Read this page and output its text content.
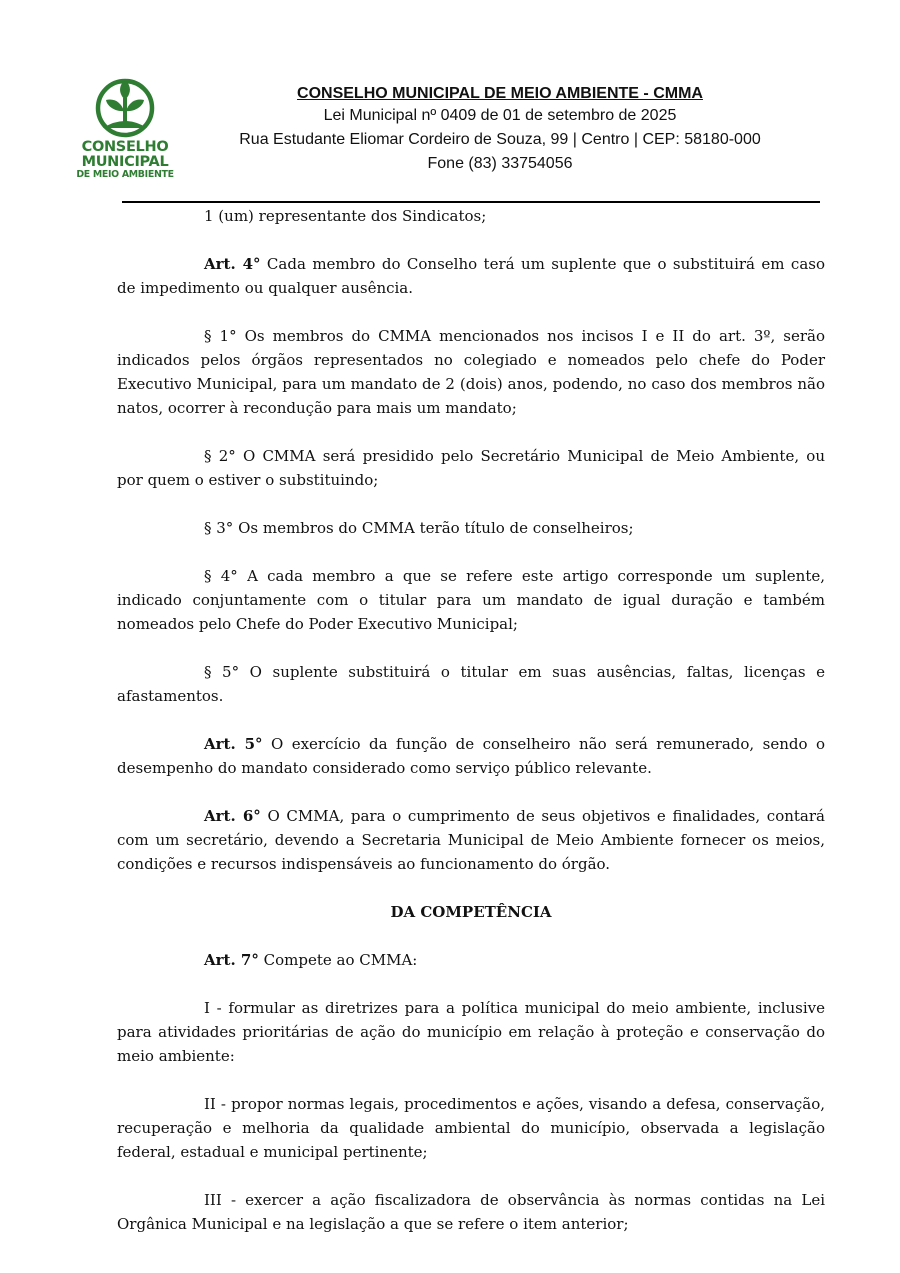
CONSELHO
MUNICIPAL
DE MEIO AMBIENTE
CONSELHO MUNICIPAL DE MEIO AMBIENTE - CMMA
Lei Municipal nº 0409 de 01 de setembro de 2025
Rua Estudante Eliomar Cordeiro de Souza, 99 | Centro | CEP: 58180-000
Fone (83) 33754056

1 (um) representante dos Sindicatos;

Art. 4° Cada membro do Conselho terá um suplente que o substituirá em caso de impedimento ou qualquer ausência.

§ 1° Os membros do CMMA mencionados nos incisos I e II do art. 3º, serão indicados pelos órgãos representados no colegiado e nomeados pelo chefe do Poder Executivo Municipal, para um mandato de 2 (dois) anos, podendo, no caso dos membros não natos, ocorrer à recondução para mais um mandato;

§ 2° O CMMA será presidido pelo Secretário Municipal de Meio Ambiente, ou por quem o estiver o substituindo;

§ 3° Os membros do CMMA terão título de conselheiros;

§ 4° A cada membro a que se refere este artigo corresponde um suplente, indicado conjuntamente com o titular para um mandato de igual duração e também nomeados pelo Chefe do Poder Executivo Municipal;

§ 5° O suplente substituirá o titular em suas ausências, faltas, licenças e afastamentos.

Art. 5° O exercício da função de conselheiro não será remunerado, sendo o desempenho do mandato considerado como serviço público relevante.

Art. 6° O CMMA, para o cumprimento de seus objetivos e finalidades, contará com um secretário, devendo a Secretaria Municipal de Meio Ambiente fornecer os meios, condições e recursos indispensáveis ao funcionamento do órgão.

DA COMPETÊNCIA

Art. 7° Compete ao CMMA:

I - formular as diretrizes para a política municipal do meio ambiente, inclusive para atividades prioritárias de ação do município em relação à proteção e conservação do meio ambiente:

II - propor normas legais, procedimentos e ações, visando a defesa, conservação, recuperação e melhoria da qualidade ambiental do município, observada a legislação federal, estadual e municipal pertinente;

III - exercer a ação fiscalizadora de observância às normas contidas na Lei Orgânica Municipal e na legislação a que se refere o item anterior;
